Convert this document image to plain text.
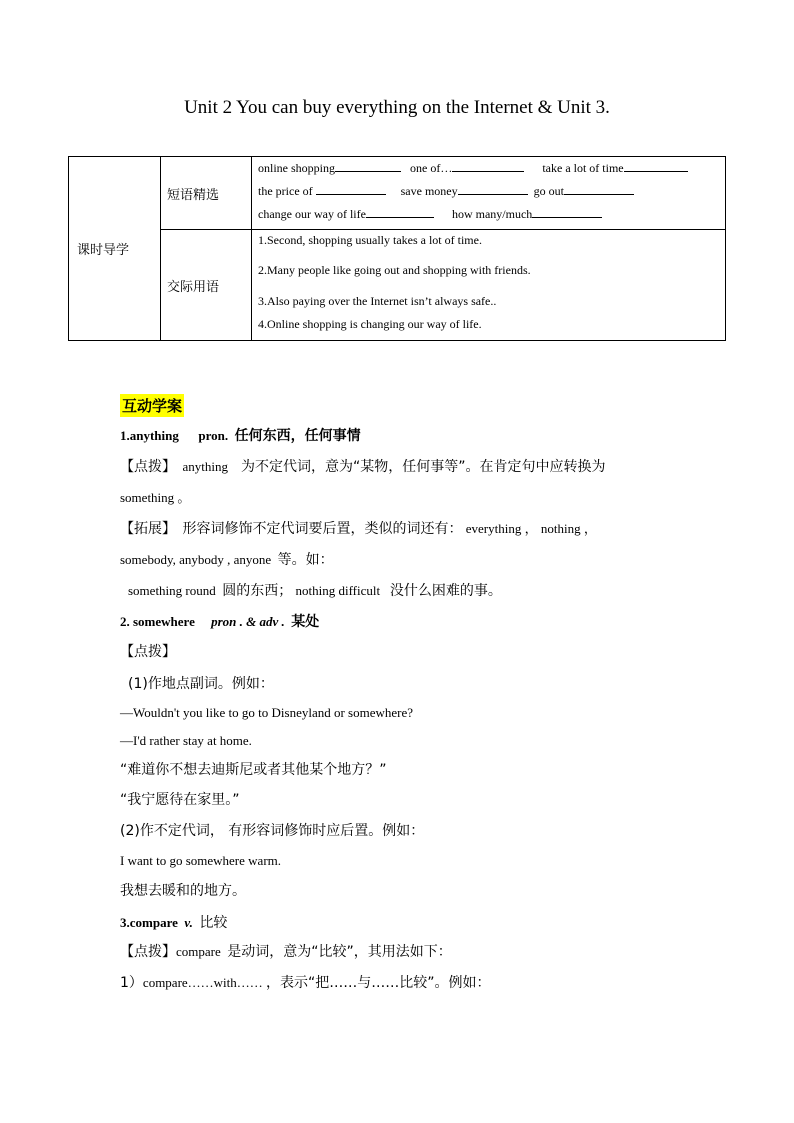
Unit 2 You can buy everything on the Internet & Unit 3.
课时导学	短语精选	online shopping one of… take a lot of time
the price of save money go out
change our way of life how many/much

	交际用语	1.Second, shopping usually takes a lot of time.
2.Many people like going out and shopping with friends.
3.Also paying over the Internet isn’t always safe..
4.Online shopping is changing our way of life.
互动学案
1.anything pron. 任何东西，任何事情
【点拨】 anything 为不定代词，意为“某物，任何事等”。在肯定句中应转换为
something 。
【拓展】 形容词修饰不定代词要后置，类似的词还有： everything ， nothing ，
somebody, anybody , anyone 等。如：
something round 圆的东西； nothing difficult 没什么困难的事。
2. somewhere pron . & adv . 某处
【点拨】
(1)作地点副词。例如：
—Wouldn't you like to go to Disneyland or somewhere?
—I'd rather stay at home.
“难道你不想去迪斯尼或者其他某个地方？”
“我宁愿待在家里。”
(2)作不定代词， 有形容词修饰时应后置。例如：
I want to go somewhere warm.
我想去暖和的地方。
3.compare v. 比较
【点拨】compare 是动词，意为“比较”，其用法如下：
1）compare……with…… ，表示“把……与……比较”。例如：
